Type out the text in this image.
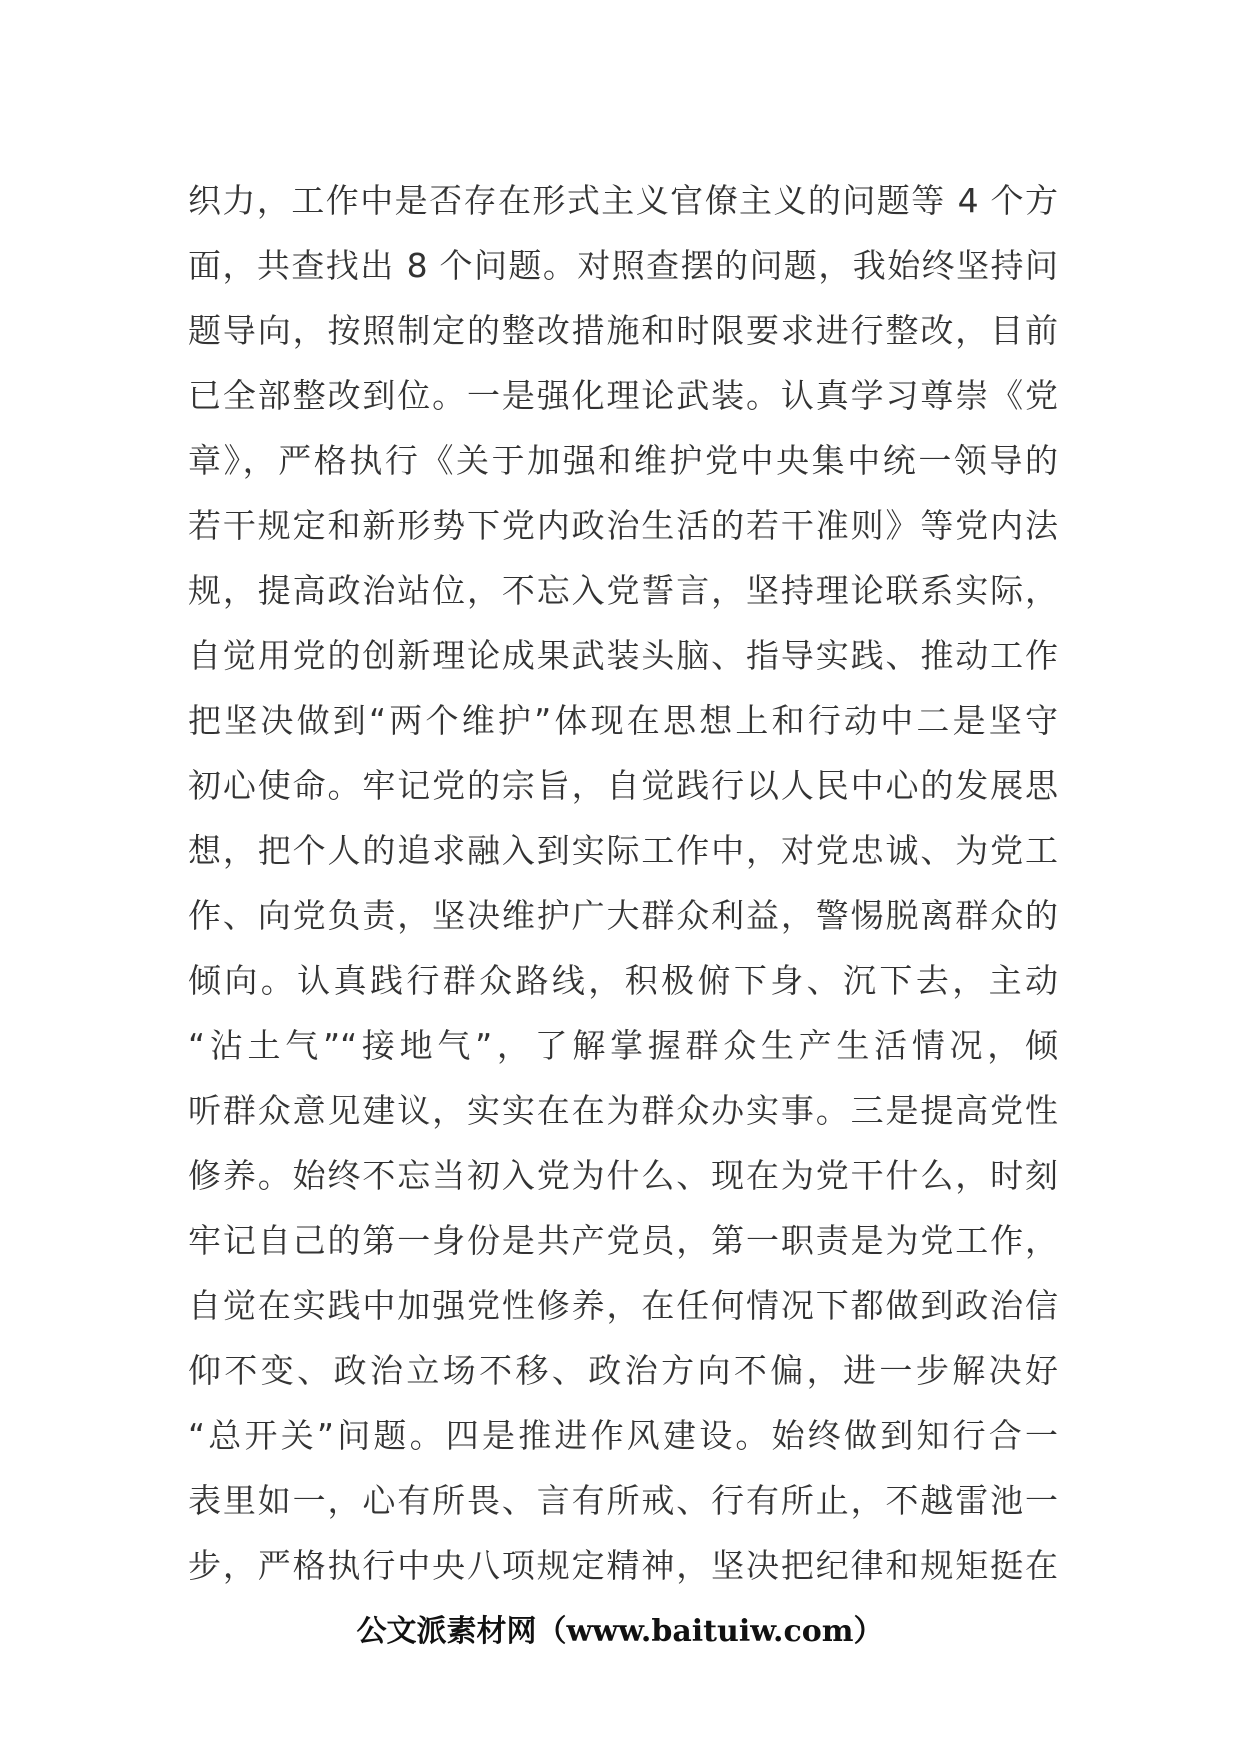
织力，工作中是否存在形式主义官僚主义的问题等 4 个方
面，共查找出 8 个问题。对照查摆的问题，我始终坚持问
题导向，按照制定的整改措施和时限要求进行整改，目前
已全部整改到位。一是强化理论武装。认真学习尊崇《党
章》，严格执行《关于加强和维护党中央集中统一领导的
若干规定和新形势下党内政治生活的若干准则》等党内法
规，提高政治站位，不忘入党誓言，坚持理论联系实际，
自觉用党的创新理论成果武装头脑、指导实践、推动工作
把坚决做到“两个维护”体现在思想上和行动中二是坚守
初心使命。牢记党的宗旨，自觉践行以人民中心的发展思
想，把个人的追求融入到实际工作中，对党忠诚、为党工
作、向党负责，坚决维护广大群众利益，警惕脱离群众的
倾向。认真践行群众路线，积极俯下身、沉下去，主动
“沾土气”“接地气”，了解掌握群众生产生活情况，倾
听群众意见建议，实实在在为群众办实事。三是提高党性
修养。始终不忘当初入党为什么、现在为党干什么，时刻
牢记自己的第一身份是共产党员，第一职责是为党工作，
自觉在实践中加强党性修养，在任何情况下都做到政治信
仰不变、政治立场不移、政治方向不偏，进一步解决好
“总开关”问题。四是推进作风建设。始终做到知行合一
表里如一，心有所畏、言有所戒、行有所止，不越雷池一
步，严格执行中央八项规定精神，坚决把纪律和规矩挺在
公文派素材网（www.baituiw.com）
